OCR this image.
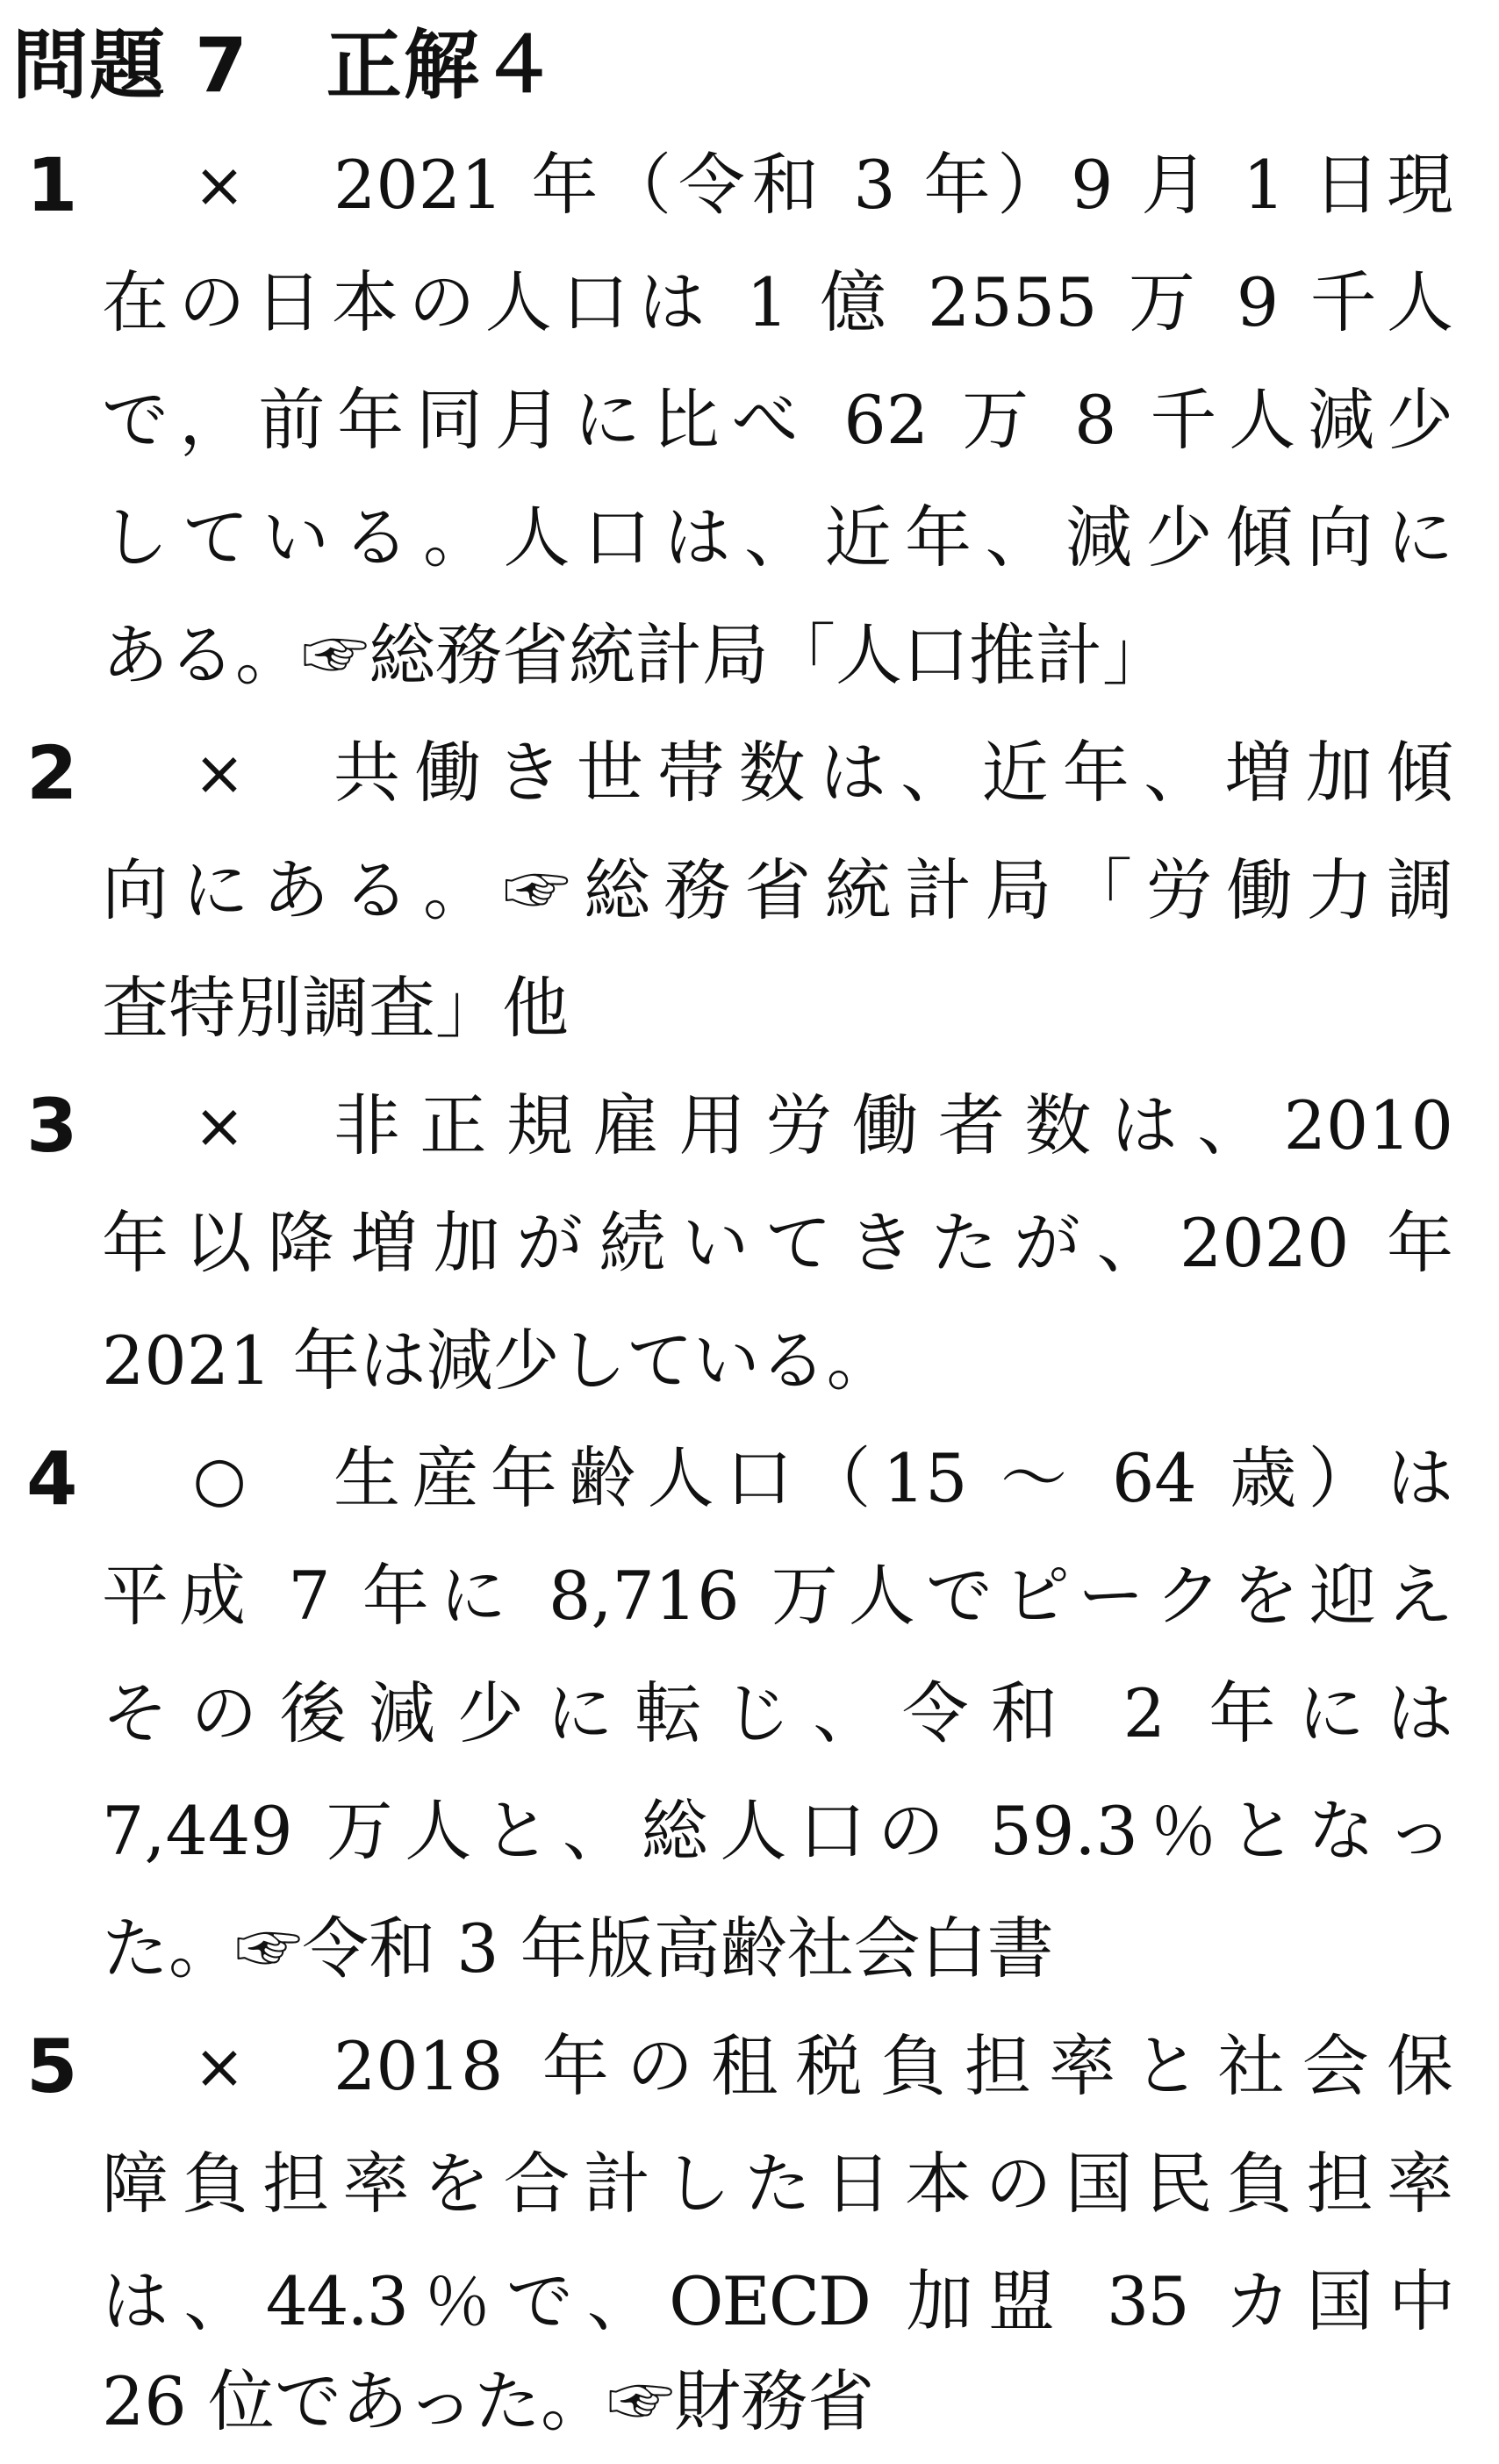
問題 7 正解４
1	× 2021 年（令和 3 年）9 月 1 日現
在の日本の人口は 1 億 2555 万 9 千人
で，前年同月に比べ 62 万 8 千人減少
している。人口は、近年、減少傾向に
ある。☞総務省統計局「人口推計」
2	× 共働き世帯数は、近年、増加傾
向にある。☞総務省統計局「労働力調
査特別調査」他
3	× 非正規雇用労働者数は、2010
年以降増加が続いてきたが、2020 年
2021 年は減少している。
4	○ 生産年齢人口（15 ～ 64 歳）は
平成 7 年に 8,716 万人でピークを迎え
その後減少に転じ、令和 2 年には
7,449 万人と、総人口の 59.3％となっ
た。☞令和 3 年版高齢社会白書
5	× 2018 年の租税負担率と社会保
障負担率を合計した日本の国民負担率
は、44.3％で、OECD 加盟 35 カ国中
26 位であった。☞財務省
